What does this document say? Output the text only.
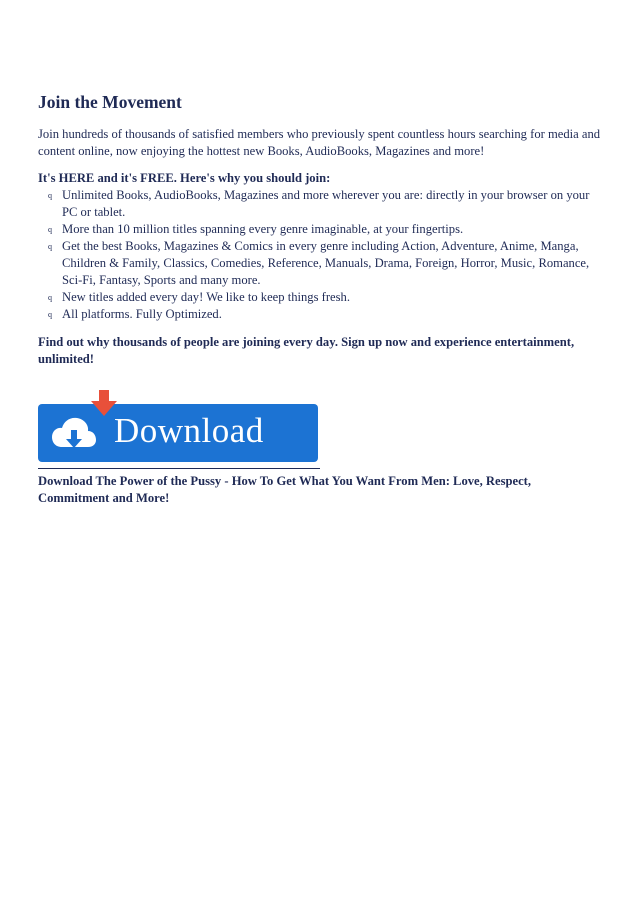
Join the Movement

Join hundreds of thousands of satisfied members who previously spent countless hours searching for media and content online, now enjoying the hottest new Books, AudioBooks, Magazines and more!

It's HERE and it's FREE. Here's why you should join:

q Unlimited Books, AudioBooks, Magazines and more wherever you are: directly in your browser on your PC or tablet.
q More than 10 million titles spanning every genre imaginable, at your fingertips.
q Get the best Books, Magazines & Comics in every genre including Action, Adventure, Anime, Manga, Children & Family, Classics, Comedies, Reference, Manuals, Drama, Foreign, Horror, Music, Romance, Sci-Fi, Fantasy, Sports and many more.
q New titles added every day! We like to keep things fresh.
q All platforms. Fully Optimized.

Find out why thousands of people are joining every day. Sign up now and experience entertainment, unlimited!

Download
Download The Power of the Pussy - How To Get What You Want From Men: Love, Respect, Commitment and More!
